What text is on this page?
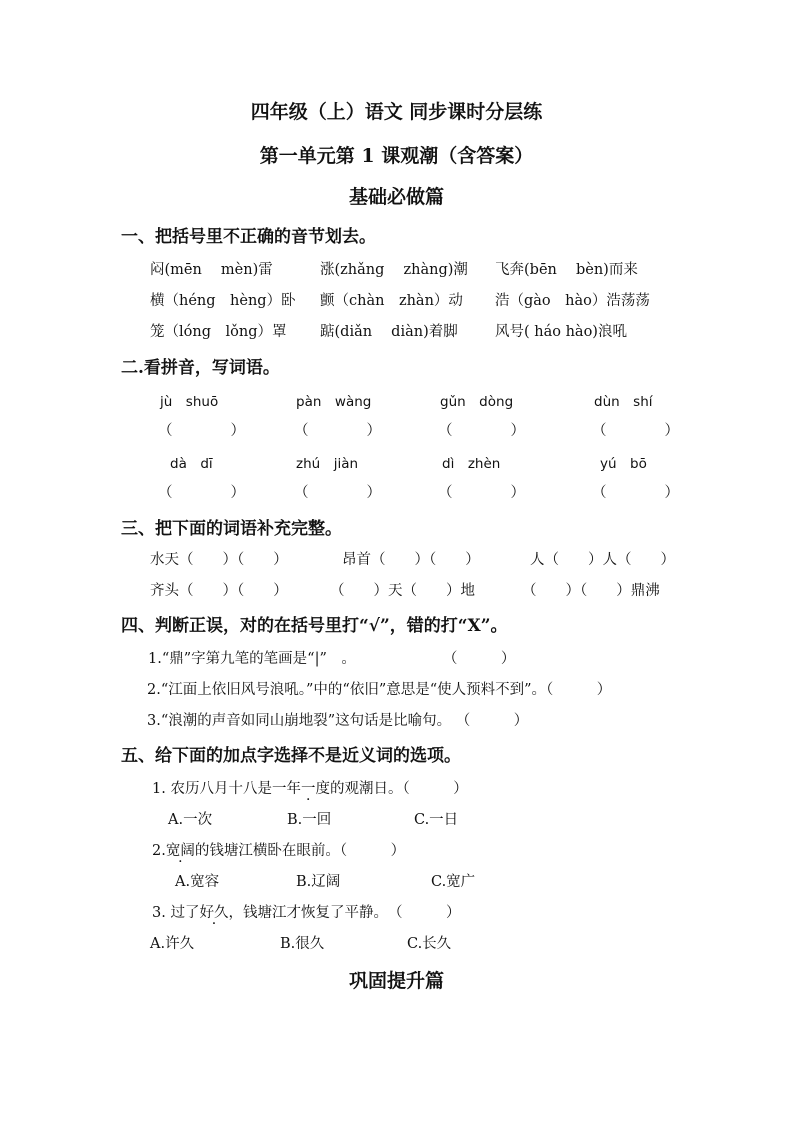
四年级（上）语文 同步课时分层练
第一单元第 1 课观潮（含答案）
基础必做篇
一、把括号里不正确的音节划去。
闷(mēn　 mèn)雷	涨(zhǎng　 zhàng)潮 飞奔(bēn　 bèn)而来
横（héng　hèng）卧 颤（chàn　zhàn）动 浩（gào　hào）浩荡荡
笼（lóng　lǒng）罩 踮(diǎn　 diàn)着脚	风号( háo hào)浪吼
二.看拼音，写词语。
jù　shuō	pàn　wàng	gǔn　dòng	dùn　shí
（　　　　）	（　　　　）	（　　　　）	（　　　　）
dà　dī	zhú　jiàn	dì　zhèn	yú　bō
（　　　　）	（　　　　）	（　　　　）	（　　　　）
三、把下面的词语补充完整。
水天（　　）（　　）	昂首（　　）（　　）	人（　　）人（　　）
齐头（　　）（　　）	（　　）天（　　）地	（　　）（　　）鼎沸
四、判断正误，对的在括号里打“√”，错的打“X”。
1.“鼎”字第九笔的笔画是“|”　。　　　　　　　（　　　）
2.“江面上依旧风号浪吼。”中的“依旧”意思是“使人预料不到”。（　　　）
3.“浪潮的声音如同山崩地裂”这句话是比喻句。 （　　　）
五、给下面的加点字选择不是近义词的选项。
1. 农历八月十八是一年一度的观潮日。（　　　）
A.一次	B.一回	C.一日
2.宽阔的钱塘江横卧在眼前。（　　　）
A.宽容	B.辽阔	C.宽广
3. 过了好久，钱塘江才恢复了平静。　（　　　）
A.许久	B.很久	C.长久
巩固提升篇
